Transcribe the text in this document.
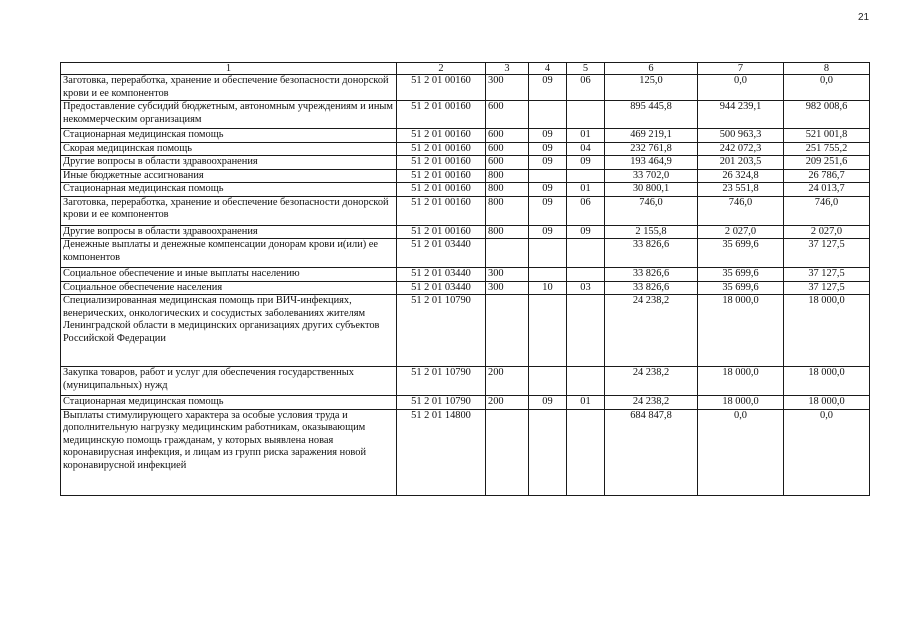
21
1	2	3	4	5	6	7	8
Заготовка, переработка, хранение и обеспечение безопасности донорской крови и ее компонентов	51 2 01 00160	300	09	06	125,0	0,0	0,0
Предоставление субсидий бюджетным, автономным учреждениям и иным некоммерческим организациям	51 2 01 00160	600			895 445,8	944 239,1	982 008,6
Стационарная медицинская помощь	51 2 01 00160	600	09	01	469 219,1	500 963,3	521 001,8
Скорая медицинская помощь	51 2 01 00160	600	09	04	232 761,8	242 072,3	251 755,2
Другие вопросы в области здравоохранения	51 2 01 00160	600	09	09	193 464,9	201 203,5	209 251,6
Иные бюджетные ассигнования	51 2 01 00160	800			33 702,0	26 324,8	26 786,7
Стационарная медицинская помощь	51 2 01 00160	800	09	01	30 800,1	23 551,8	24 013,7
Заготовка, переработка, хранение и обеспечение безопасности донорской крови и ее компонентов	51 2 01 00160	800	09	06	746,0	746,0	746,0
Другие вопросы в области здравоохранения	51 2 01 00160	800	09	09	2 155,8	2 027,0	2 027,0
Денежные выплаты и денежные компенсации донорам крови и(или) ее компонентов	51 2 01 03440				33 826,6	35 699,6	37 127,5
Социальное обеспечение и иные выплаты населению	51 2 01 03440	300			33 826,6	35 699,6	37 127,5
Социальное обеспечение населения	51 2 01 03440	300	10	03	33 826,6	35 699,6	37 127,5
Специализированная медицинская помощь при ВИЧ-инфекциях, венерических, онкологических и сосудистых заболеваниях жителям Ленинградской области в медицинских организациях других субъектов Российской Федерации	51 2 01 10790				24 238,2	18 000,0	18 000,0
Закупка товаров, работ и услуг для обеспечения государственных (муниципальных) нужд	51 2 01 10790	200			24 238,2	18 000,0	18 000,0
Стационарная медицинская помощь	51 2 01 10790	200	09	01	24 238,2	18 000,0	18 000,0
Выплаты стимулирующего характера за особые условия труда и дополнительную нагрузку медицинским работникам, оказывающим медицинскую помощь гражданам, у которых выявлена новая коронавирусная инфекция, и лицам из групп риска заражения новой коронавирусной инфекцией	51 2 01 14800				684 847,8	0,0	0,0
